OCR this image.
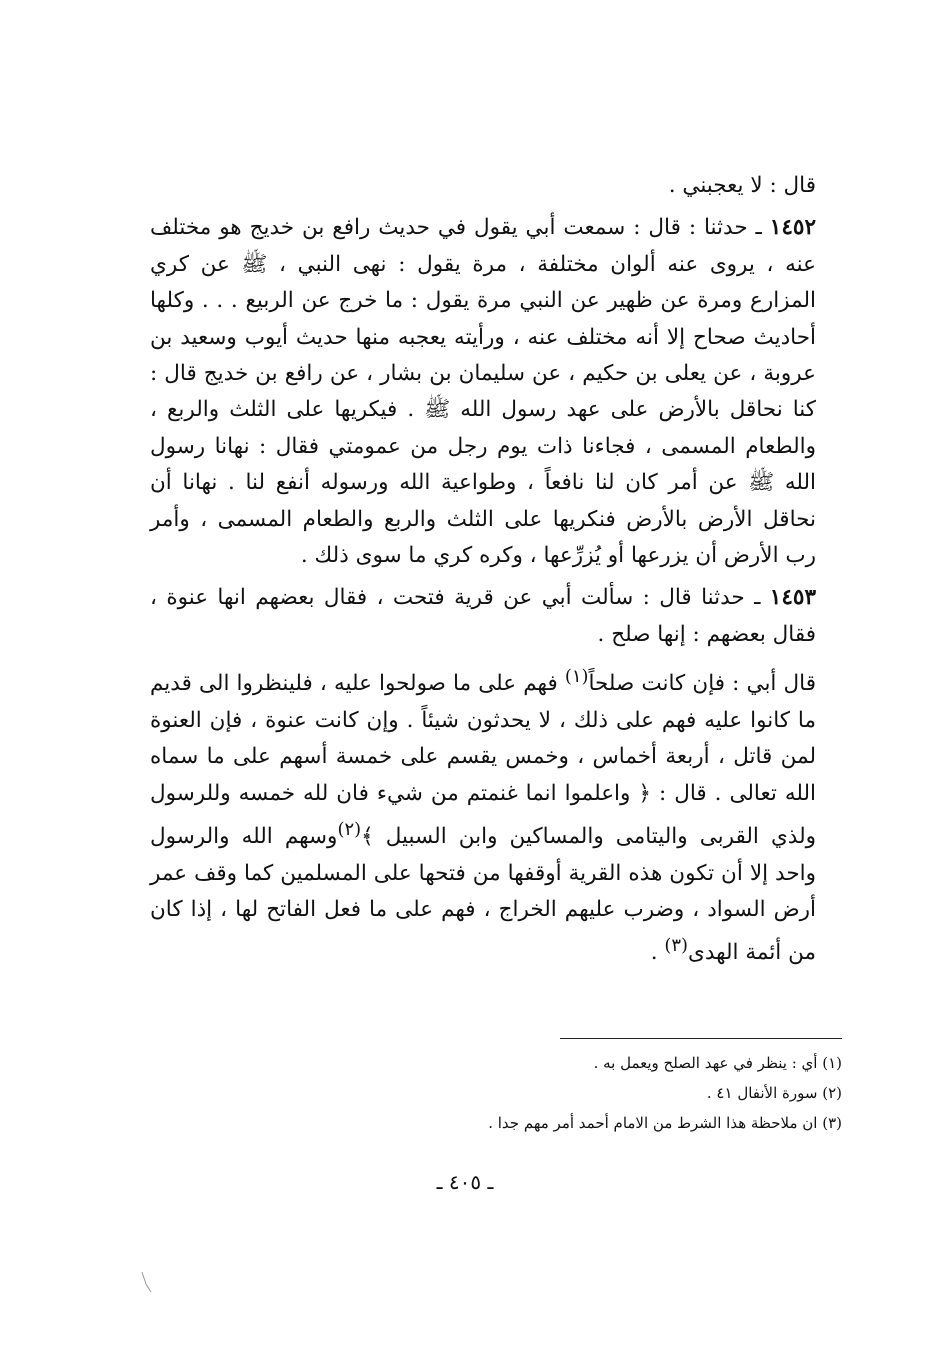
قال : لا يعجبني .

١٤٥٢ ـ حدثنا : قال : سمعت أبي يقول في حديث رافع بن خديج هو مختلف عنه ، يروى عنه ألوان مختلفة ، مرة يقول : نهى النبي ، ﷺ عن كري المزارع ومرة عن ظهير عن النبي مرة يقول : ما خرج عن الربيع . . . وكلها أحاديث صحاح إلا أنه مختلف عنه ، ورأيته يعجبه منها حديث أيوب وسعيد بن عروبة ، عن يعلى بن حكيم ، عن سليمان بن بشار ، عن رافع بن خديج قال : كنا نحاقل بالأرض على عهد رسول الله ﷺ . فيكريها على الثلث والربع ، والطعام المسمى ، فجاءنا ذات يوم رجل من عمومتي فقال : نهانا رسول الله ﷺ عن أمر كان لنا نافعاً ، وطواعية الله ورسوله أنفع لنا . نهانا أن نحاقل الأرض بالأرض فنكريها على الثلث والربع والطعام المسمى ، وأمر رب الأرض أن يزرعها أو يُزرِّعها ، وكره كري ما سوى ذلك .

١٤٥٣ ـ حدثنا قال : سألت أبي عن قرية فتحت ، فقال بعضهم انها عنوة ، فقال بعضهم : إنها صلح .

قال أبي : فإن كانت صلحاً$^{(١)}$ فهم على ما صولحوا عليه ، فلينظروا الى قديم ما كانوا عليه فهم على ذلك ، لا يحدثون شيئاً . وإن كانت عنوة ، فإن العنوة لمن قاتل ، أربعة أخماس ، وخمس يقسم على خمسة أسهم على ما سماه الله تعالى . قال : ﴿ واعلموا انما غنمتم من شيء فان لله خمسه وللرسول ولذي القربى واليتامى والمساكين وابن السبيل ﴾$^{(٢)}$وسهم الله والرسول واحد إلا أن تكون هذه القرية أوقفها من فتحها على المسلمين كما وقف عمر أرض السواد ، وضرب عليهم الخراج ، فهم على ما فعل الفاتح لها ، إذا كان من أئمة الهدى$^{(٣)}$ .

(١) أي : ينظر في عهد الصلح ويعمل به .

(٢) سورة الأنفال ٤١ .

(٣) ان ملاحظة هذا الشرط من الامام أحمد أمر مهم جدا .

ـ ٤٠٥ ـ
